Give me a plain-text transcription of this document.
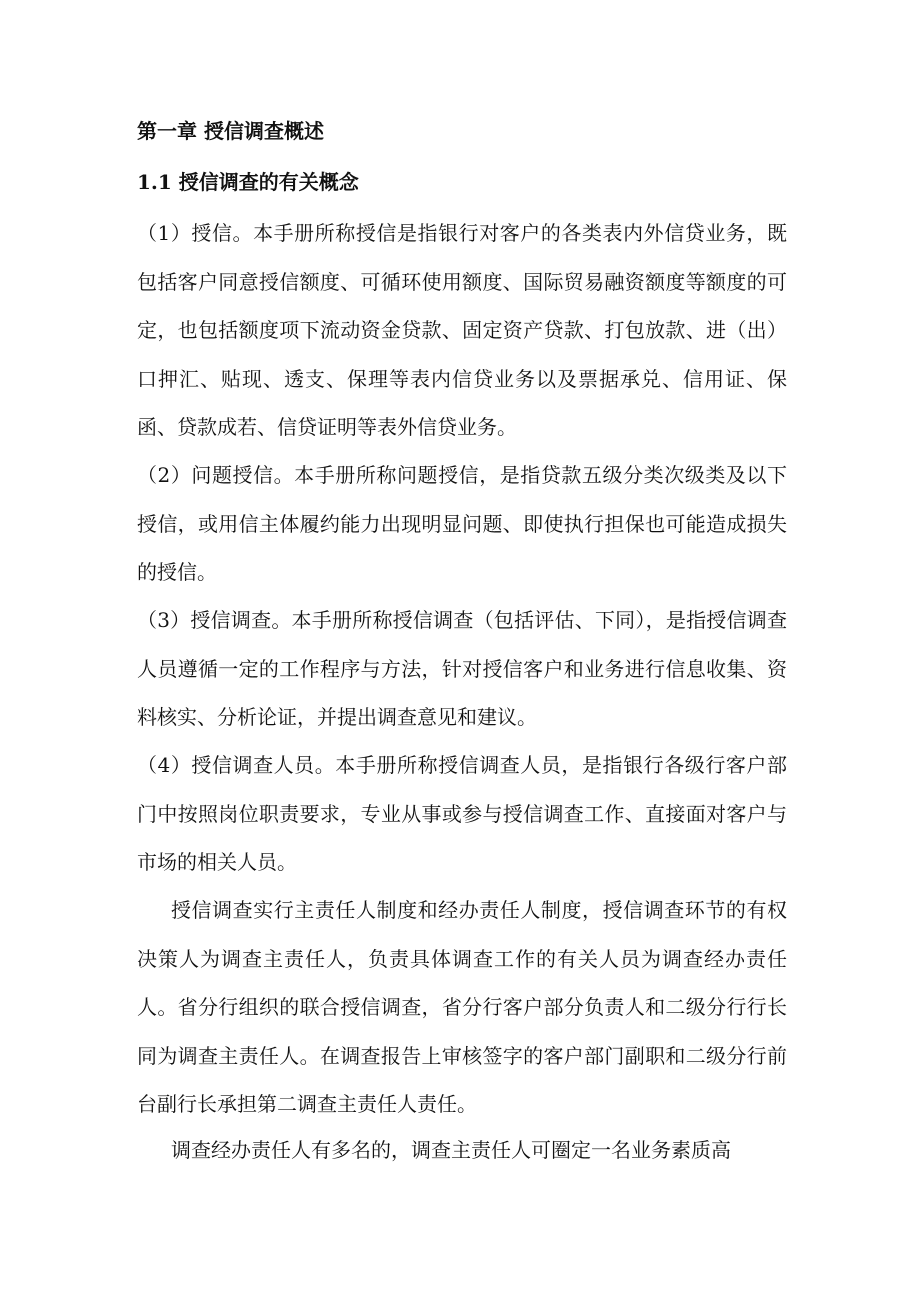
第一章 授信调查概述
1.1 授信调查的有关概念

（1）授信。本手册所称授信是指银行对客户的各类表内外信贷业务，既包括客户同意授信额度、可循环使用额度、国际贸易融资额度等额度的可定，也包括额度项下流动资金贷款、固定资产贷款、打包放款、进（出）口押汇、贴现、透支、保理等表内信贷业务以及票据承兑、信用证、保函、贷款成若、信贷证明等表外信贷业务。

（2）问题授信。本手册所称问题授信，是指贷款五级分类次级类及以下授信，或用信主体履约能力出现明显问题、即使执行担保也可能造成损失的授信。

（3）授信调查。本手册所称授信调查（包括评估、下同），是指授信调查人员遵循一定的工作程序与方法，针对授信客户和业务进行信息收集、资料核实、分析论证，并提出调查意见和建议。

（4）授信调查人员。本手册所称授信调查人员，是指银行各级行客户部门中按照岗位职责要求，专业从事或参与授信调查工作、直接面对客户与市场的相关人员。

授信调查实行主责任人制度和经办责任人制度，授信调查环节的有权决策人为调查主责任人，负责具体调查工作的有关人员为调查经办责任人。省分行组织的联合授信调查，省分行客户部分负责人和二级分行行长同为调查主责任人。在调查报告上审核签字的客户部门副职和二级分行前台副行长承担第二调查主责任人责任。

调查经办责任人有多名的，调查主责任人可圈定一名业务素质高
